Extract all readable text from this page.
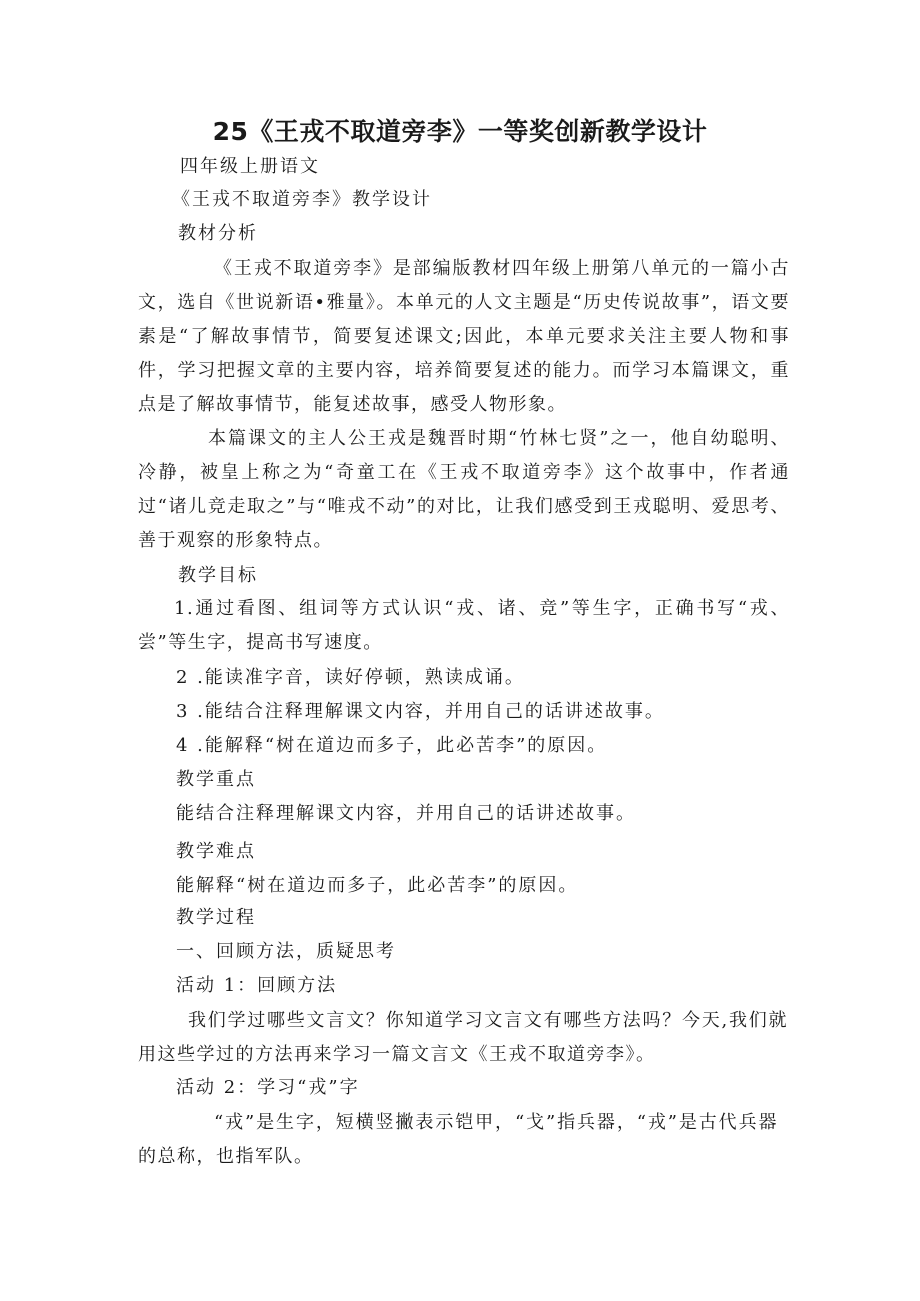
25《王戎不取道旁李》一等奖创新教学设计
四年级上册语文
《王戎不取道旁李》教学设计
教材分析
《王戎不取道旁李》是部编版教材四年级上册第八单元的一篇小古文，选自《世说新语•雅量》。本单元的人文主题是“历史传说故事”，语文要素是“了解故事情节，简要复述课文;因此，本单元要求关注主要人物和事件，学习把握文章的主要内容，培养简要复述的能力。而学习本篇课文，重点是了解故事情节，能复述故事，感受人物形象。
本篇课文的主人公王戎是魏晋时期“竹林七贤”之一，他自幼聪明、冷静，被皇上称之为“奇童工在《王戎不取道旁李》这个故事中，作者通过“诸儿竞走取之”与“唯戎不动”的对比，让我们感受到王戎聪明、爱思考、善于观察的形象特点。
教学目标
1.通过看图、组词等方式认识“戎、诸、竞”等生字，正确书写“戎、尝”等生字，提高书写速度。
2 .能读准字音，读好停顿，熟读成诵。
3 .能结合注释理解课文内容，并用自己的话讲述故事。
4 .能解释“树在道边而多子，此必苦李”的原因。
教学重点
能结合注释理解课文内容，并用自己的话讲述故事。
教学难点
能解释“树在道边而多子，此必苦李”的原因。
教学过程
一、回顾方法，质疑思考
活动 1：回顾方法
我们学过哪些文言文？你知道学习文言文有哪些方法吗？今天,我们就用这些学过的方法再来学习一篇文言文《王戎不取道旁李》。
活动 2：学习“戎”字
“戎”是生字，短横竖撇表示铠甲，“戈”指兵器，“戎”是古代兵器的总称，也指军队。
